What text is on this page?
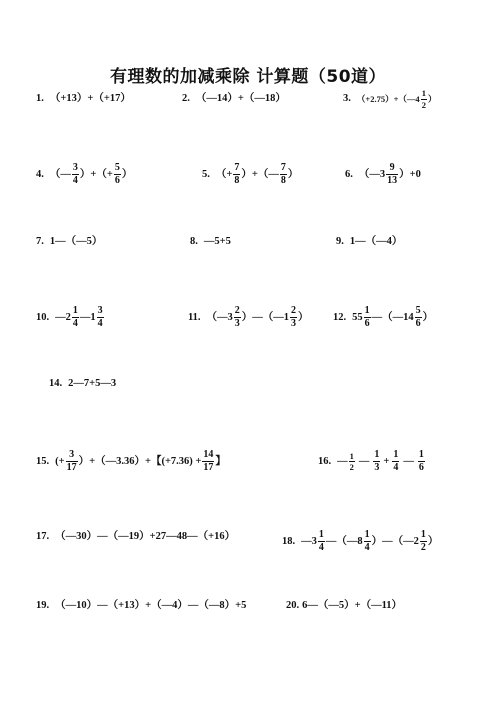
有理数的加减乘除 计算题（50道）
1. （+13）+（+17）	2. （—14）+（—18）	3. （+2.75）+（—4 $\frac{1}{2}$ ）
4. （— $\frac{3}{4}$ ）+（+ $\frac{5}{6}$ ）	5. （+ $\frac{7}{8}$ ）+（— $\frac{7}{8}$ ）	6. （—3 $\frac{9}{13} )+0$
7. 1—（—5）	8. —5+5	9. 1—（—4）
10. —2 $\frac{1}{4}$ —1 $\frac{3}{4}$	11. （—3 $\frac{2}{3}$ ）—（—1 $\frac{2}{3}$ ） 12. $55 \frac{1}{6}$ —（—14 $\frac{5}{6}$ ）
14. 2—7+5—3
15. (+ $\frac{3}{17}$ ）+（—3.36）+【$(+7.36) + \frac{14}{17}$ 】	16. — $\frac{1}{2}$ — $\frac{1}{3} + \frac{1}{4}$ — $\frac{1}{6}$
17. （—30）—（—19）+27—48—（+16）	18. —3 $\frac{1}{4}$ —（—8 $\frac{1}{4}$ ）—（—2 $\frac{1}{2}$ ）
19. （—10）—（+13）+（—4）—（—8）+5	20. 6—（—5）+（—11）
